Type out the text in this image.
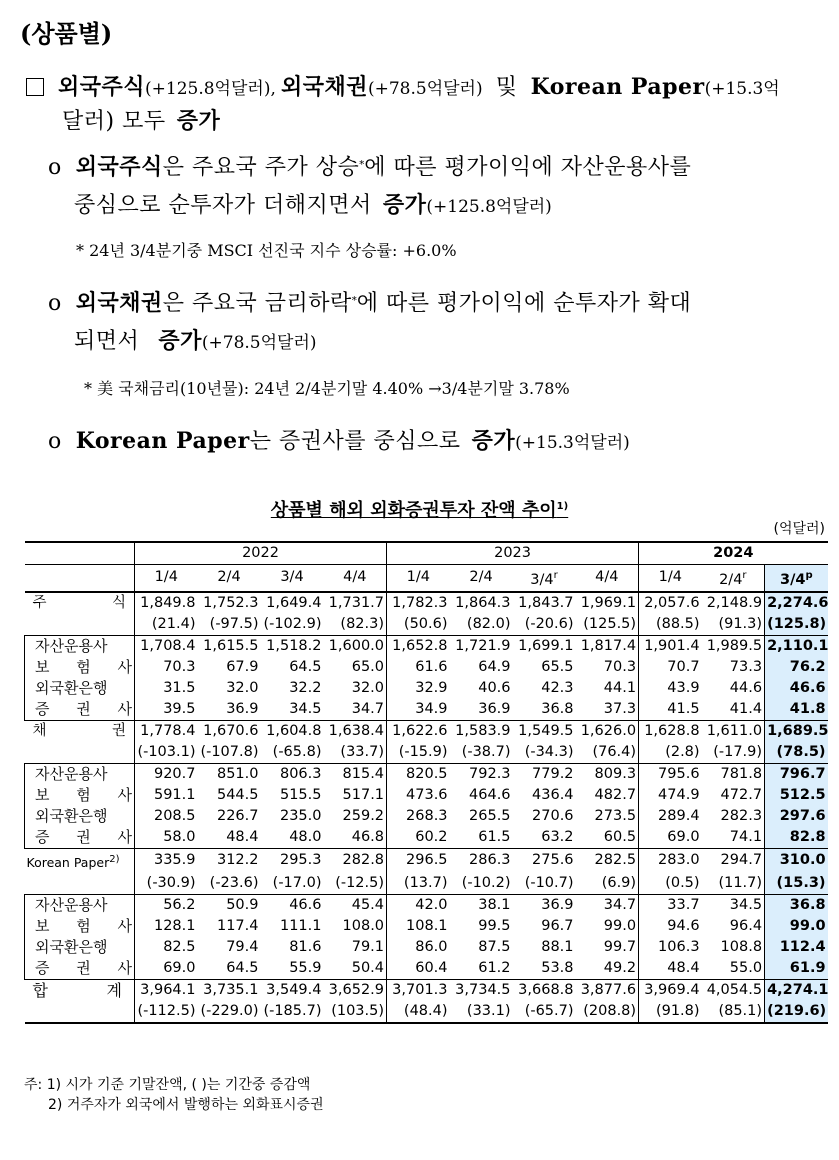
(상품별)
외국주식(+125.8억달러), 외국채권(+78.5억달러) 및 Korean Paper(+15.3억
달러) 모두 증가
o 외국주식은 주요국 주가 상승*에 따른 평가이익에 자산운용사를
중심으로 순투자가 더해지면서 증가(+125.8억달러)
* 24년 3/4분기중 MSCI 선진국 지수 상승률: +6.0%
o 외국채권은 주요국 금리하락*에 따른 평가이익에 순투자가 확대
되면서 증가(+78.5억달러)
* 美 국채금리(10년물): 24년 2/4분기말 4.40% →3/4분기말 3.78%
o Korean Paper는 증권사를 중심으로 증가(+15.3억달러)
상품별 해외 외화증권투자 잔액 추이$^{1)}$
(억달러)
	2022				2023				2024		
	1/4	2/4	3/4	4/4	1/4	2/4	3/4$^r$	4/4	1/4	2/4$^r$	3/4$^p$
주 식	1,849.8	1,752.3	1,649.4	1,731.7	1,782.3	1,864.3	1,843.7	1,969.1	2,057.6	2,148.9	2,274.6
	(21.4)	(-97.5)	(-102.9)	(82.3)	(50.6)	(82.0)	(-20.6)	(125.5)	(88.5)	(91.3)	(125.8)
자산운용사	1,708.4	1,615.5	1,518.2	1,600.0	1,652.8	1,721.9	1,699.1	1,817.4	1,901.4	1,989.5	2,110.1
보 험 사	70.3	67.9	64.5	65.0	61.6	64.9	65.5	70.3	70.7	73.3	76.2
외국환은행	31.5	32.0	32.2	32.0	32.9	40.6	42.3	44.1	43.9	44.6	46.6
증 권 사	39.5	36.9	34.5	34.7	34.9	36.9	36.8	37.3	41.5	41.4	41.8
채 권	1,778.4	1,670.6	1,604.8	1,638.4	1,622.6	1,583.9	1,549.5	1,626.0	1,628.8	1,611.0	1,689.5
	(-103.1)	(-107.8)	(-65.8)	(33.7)	(-15.9)	(-38.7)	(-34.3)	(76.4)	(2.8)	(-17.9)	(78.5)
자산운용사	920.7	851.0	806.3	815.4	820.5	792.3	779.2	809.3	795.6	781.8	796.7
보 험 사	591.1	544.5	515.5	517.1	473.6	464.6	436.4	482.7	474.9	472.7	512.5
외국환은행	208.5	226.7	235.0	259.2	268.3	265.5	270.6	273.5	289.4	282.3	297.6
증 권 사	58.0	48.4	48.0	46.8	60.2	61.5	63.2	60.5	69.0	74.1	82.8
Korean Paper$^{2)}$	335.9	312.2	295.3	282.8	296.5	286.3	275.6	282.5	283.0	294.7	310.0
	(-30.9)	(-23.6)	(-17.0)	(-12.5)	(13.7)	(-10.2)	(-10.7)	(6.9)	(0.5)	(11.7)	(15.3)
자산운용사	56.2	50.9	46.6	45.4	42.0	38.1	36.9	34.7	33.7	34.5	36.8
보 험 사	128.1	117.4	111.1	108.0	108.1	99.5	96.7	99.0	94.6	96.4	99.0
외국환은행	82.5	79.4	81.6	79.1	86.0	87.5	88.1	99.7	106.3	108.8	112.4
증 권 사	69.0	64.5	55.9	50.4	60.4	61.2	53.8	49.2	48.4	55.0	61.9
합 계	3,964.1	3,735.1	3,549.4	3,652.9	3,701.3	3,734.5	3,668.8	3,877.6	3,969.4	4,054.5	4,274.1
	(-112.5)	(-229.0)	(-185.7)	(103.5)	(48.4)	(33.1)	(-65.7)	(208.8)	(91.8)	(85.1)	(219.6)
주: 1) 시가 기준 기말잔액, ( )는 기간중 증감액
2) 거주자가 외국에서 발행하는 외화표시증권
